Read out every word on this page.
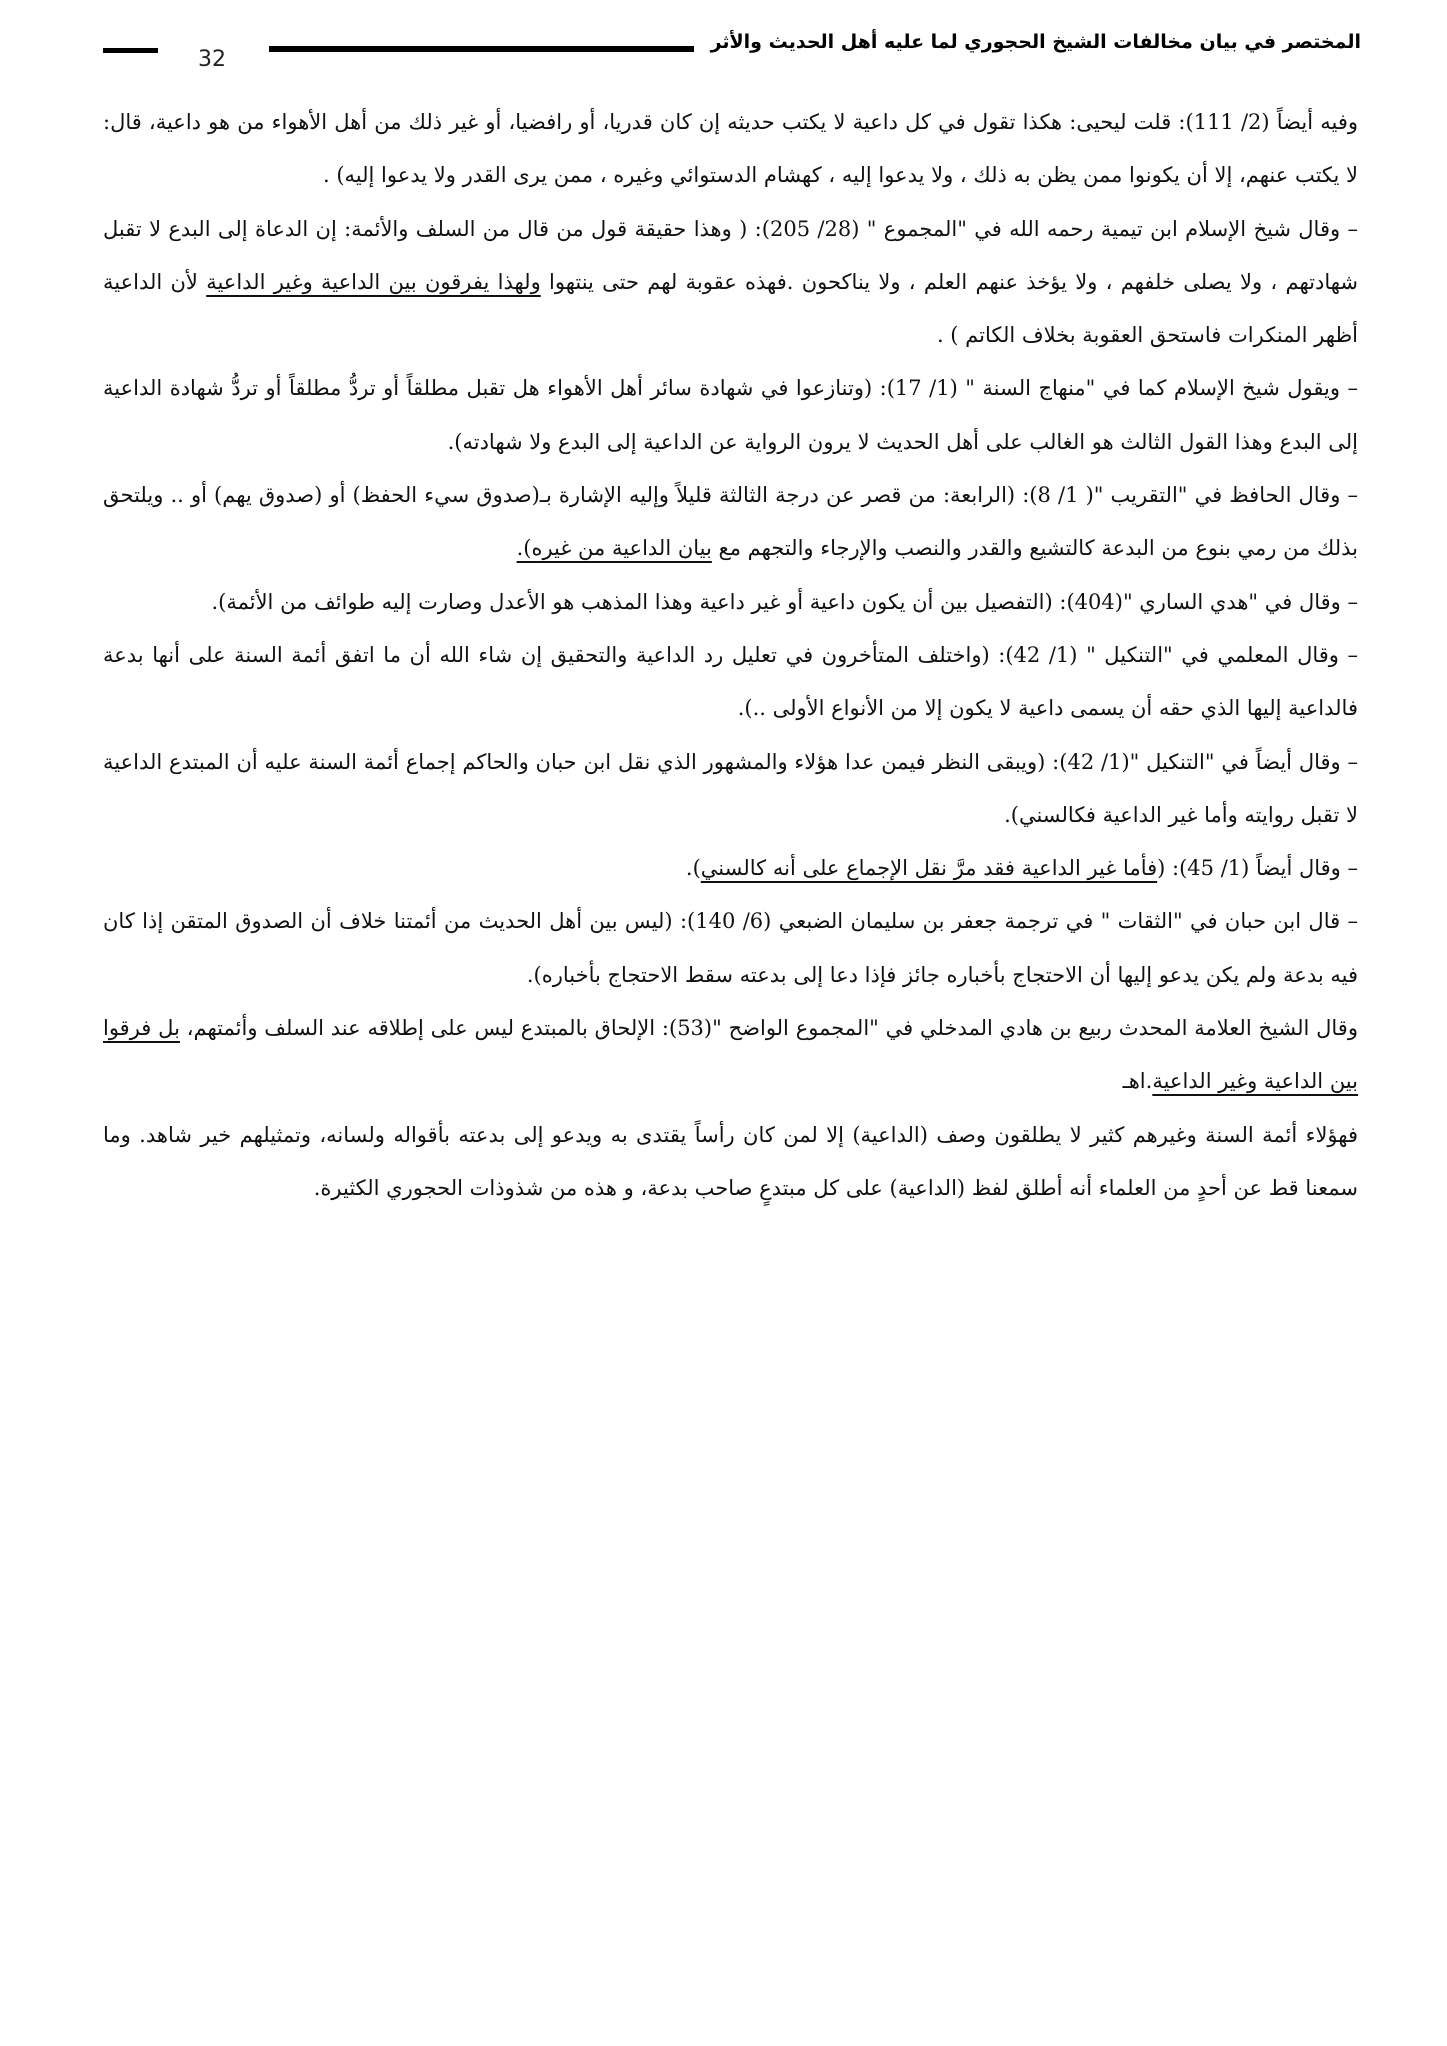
32
المختصر في بيان مخالفات الشيخ الحجوري لما عليه أهل الحديث والأثر

وفيه أيضاً (2/ 111): قلت ليحيى: هكذا تقول في كل داعية لا يكتب حديثه إن كان قدريا، أو رافضيا، أو غير ذلك من أهل الأهواء من هو داعية، قال: لا يكتب عنهم، إلا أن يكونوا ممن يظن به ذلك ، ولا يدعوا إليه ، كهشام الدستوائي وغيره ، ممن يرى القدر ولا يدعوا إليه) .

– وقال شيخ الإسلام ابن تيمية رحمه الله في "المجموع " (28/ 205): ( وهذا حقيقة قول من قال من السلف والأئمة: إن الدعاة إلى البدع لا تقبل شهادتهم ، ولا يصلى خلفهم ، ولا يؤخذ عنهم العلم ، ولا يناكحون .فهذه عقوبة لهم حتى ينتهوا ولهذا يفرقون بين الداعية وغير الداعية لأن الداعية أظهر المنكرات فاستحق العقوبة بخلاف الكاتم ) .

– ويقول شيخ الإسلام كما في "منهاج السنة " (1/ 17): (وتنازعوا في شهادة سائر أهل الأهواء هل تقبل مطلقاً أو تردُّ مطلقاً أو تردُّ شهادة الداعية إلى البدع وهذا القول الثالث هو الغالب على أهل الحديث لا يرون الرواية عن الداعية إلى البدع ولا شهادته).

– وقال الحافظ في "التقريب "( 1/ 8): (الرابعة: من قصر عن درجة الثالثة قليلاً وإليه الإشارة بـ(صدوق سيء الحفظ) أو (صدوق يهم) أو .. ويلتحق بذلك من رمي بنوع من البدعة كالتشيع والقدر والنصب والإرجاء والتجهم مع بيان الداعية من غيره).

– وقال في "هدي الساري "(404): (التفصيل بين أن يكون داعية أو غير داعية وهذا المذهب هو الأعدل وصارت إليه طوائف من الأئمة).

– وقال المعلمي في "التنكيل " (1/ 42): (واختلف المتأخرون في تعليل رد الداعية والتحقيق إن شاء الله أن ما اتفق أئمة السنة على أنها بدعة فالداعية إليها الذي حقه أن يسمى داعية لا يكون إلا من الأنواع الأولى ..).

– وقال أيضاً في "التنكيل "(1/ 42): (ويبقى النظر فيمن عدا هؤلاء والمشهور الذي نقل ابن حبان والحاكم إجماع أئمة السنة عليه أن المبتدع الداعية لا تقبل روايته وأما غير الداعية فكالسني).

– وقال أيضاً (1/ 45): (فأما غير الداعية فقد مرَّ نقل الإجماع على أنه كالسني).

– قال ابن حبان في "الثقات " في ترجمة جعفر بن سليمان الضبعي (6/ 140): (ليس بين أهل الحديث من أئمتنا خلاف أن الصدوق المتقن إذا كان فيه بدعة ولم يكن يدعو إليها أن الاحتجاج بأخباره جائز فإذا دعا إلى بدعته سقط الاحتجاج بأخباره).

وقال الشيخ العلامة المحدث ربيع بن هادي المدخلي في "المجموع الواضح "(53): الإلحاق بالمبتدع ليس على إطلاقه عند السلف وأئمتهم، بل فرقوا بين الداعية وغير الداعية.اهـ

فهؤلاء أئمة السنة وغيرهم كثير لا يطلقون وصف (الداعية) إلا لمن كان رأساً يقتدى به ويدعو إلى بدعته بأقواله ولسانه، وتمثيلهم خير شاهد. وما سمعنا قط عن أحدٍ من العلماء أنه أطلق لفظ (الداعية) على كل مبتدعٍ صاحب بدعة، و هذه من شذوذات الحجوري الكثيرة.
